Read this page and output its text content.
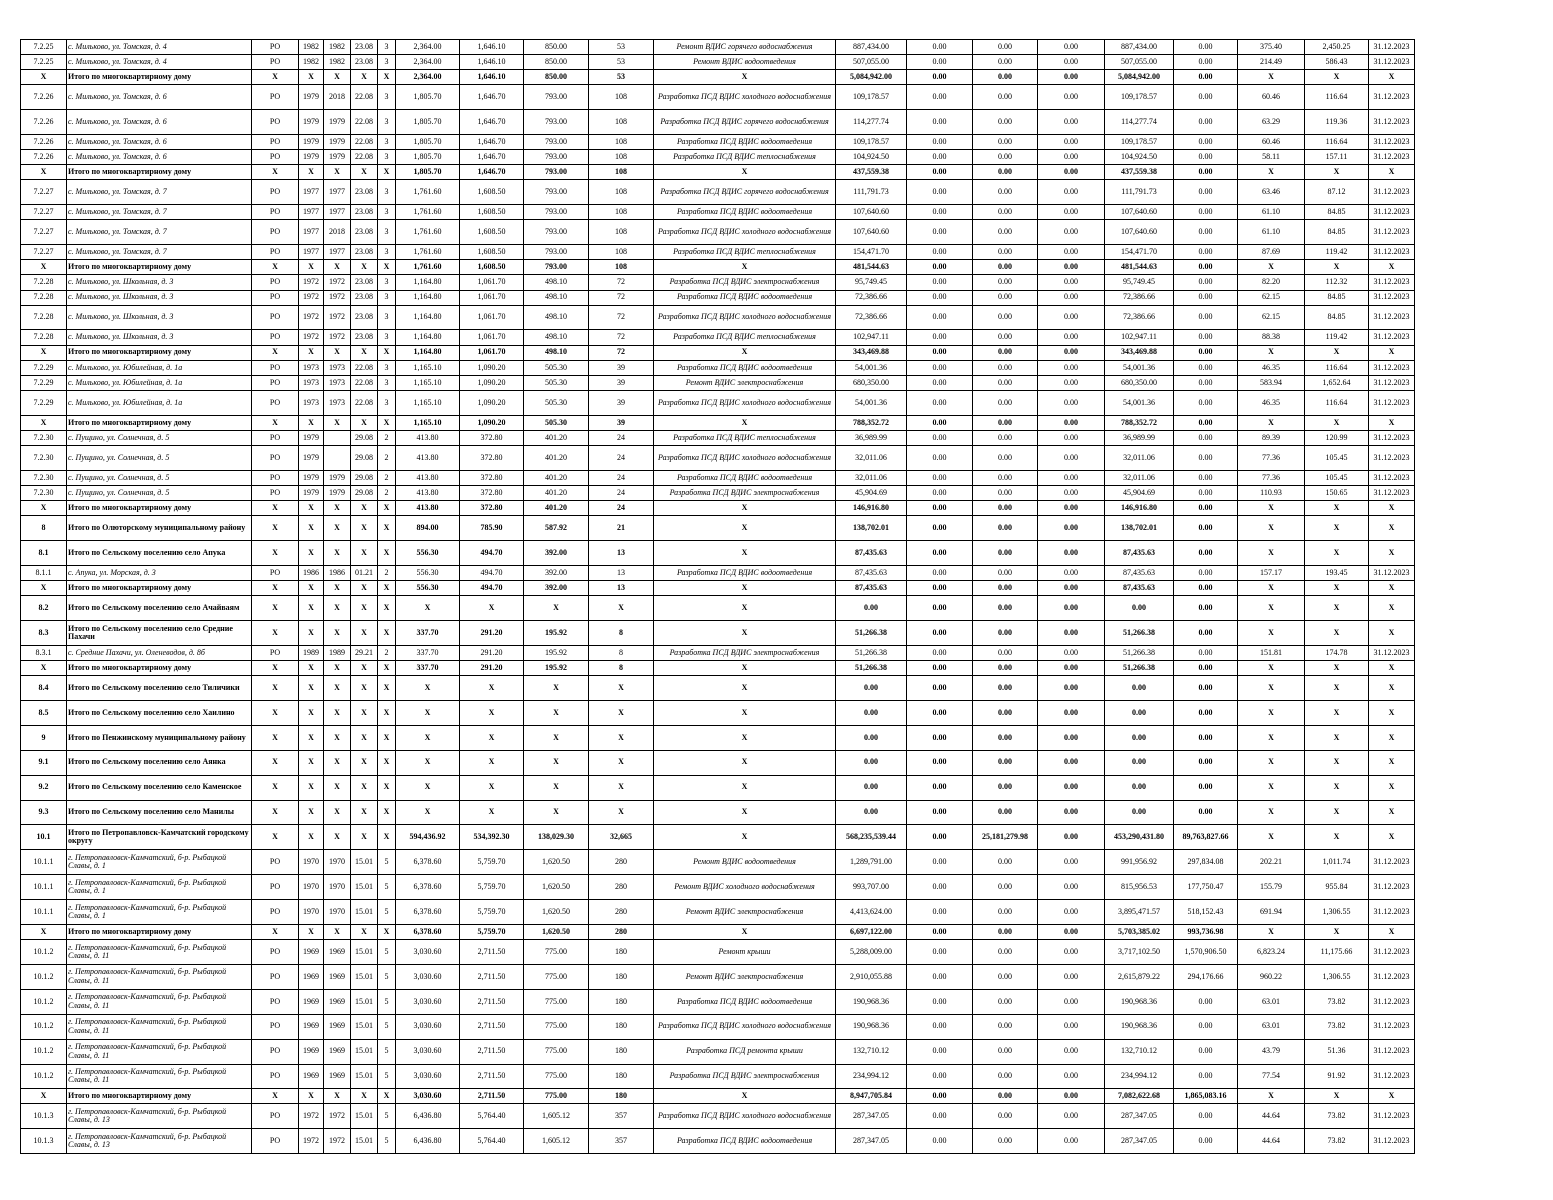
7.2.25	с. Мильково, ул. Томская, д. 4	РО	1982	1982	23.08	3	2,364.00	1,646.10	850.00	53	Ремонт ВДИС горячего водоснабжения	887,434.00	0.00	0.00	0.00	887,434.00	0.00	375.40	2,450.25	31.12.2023
7.2.25	с. Мильково, ул. Томская, д. 4	РО	1982	1982	23.08	3	2,364.00	1,646.10	850.00	53	Ремонт ВДИС водоотведения	507,055.00	0.00	0.00	0.00	507,055.00	0.00	214.49	586.43	31.12.2023
X	Итого по многоквартирному дому	X	X	X	X	X	2,364.00	1,646.10	850.00	53	X	5,084,942.00	0.00	0.00	0.00	5,084,942.00	0.00	X	X	X
7.2.26	с. Мильково, ул. Томская, д. 6	РО	1979	2018	22.08	3	1,805.70	1,646.70	793.00	108	Разработка ПСД ВДИС холодного водоснабжения	109,178.57	0.00	0.00	0.00	109,178.57	0.00	60.46	116.64	31.12.2023
7.2.26	с. Мильково, ул. Томская, д. 6	РО	1979	1979	22.08	3	1,805.70	1,646.70	793.00	108	Разработка ПСД ВДИС горячего водоснабжения	114,277.74	0.00	0.00	0.00	114,277.74	0.00	63.29	119.36	31.12.2023
7.2.26	с. Мильково, ул. Томская, д. 6	РО	1979	1979	22.08	3	1,805.70	1,646.70	793.00	108	Разработка ПСД ВДИС водоотведения	109,178.57	0.00	0.00	0.00	109,178.57	0.00	60.46	116.64	31.12.2023
7.2.26	с. Мильково, ул. Томская, д. 6	РО	1979	1979	22.08	3	1,805.70	1,646.70	793.00	108	Разработка ПСД ВДИС теплоснабжения	104,924.50	0.00	0.00	0.00	104,924.50	0.00	58.11	157.11	31.12.2023
X	Итого по многоквартирному дому	X	X	X	X	X	1,805.70	1,646.70	793.00	108	X	437,559.38	0.00	0.00	0.00	437,559.38	0.00	X	X	X
7.2.27	с. Мильково, ул. Томская, д. 7	РО	1977	1977	23.08	3	1,761.60	1,608.50	793.00	108	Разработка ПСД ВДИС горячего водоснабжения	111,791.73	0.00	0.00	0.00	111,791.73	0.00	63.46	87.12	31.12.2023
7.2.27	с. Мильково, ул. Томская, д. 7	РО	1977	1977	23.08	3	1,761.60	1,608.50	793.00	108	Разработка ПСД ВДИС водоотведения	107,640.60	0.00	0.00	0.00	107,640.60	0.00	61.10	84.85	31.12.2023
7.2.27	с. Мильково, ул. Томская, д. 7	РО	1977	2018	23.08	3	1,761.60	1,608.50	793.00	108	Разработка ПСД ВДИС холодного водоснабжения	107,640.60	0.00	0.00	0.00	107,640.60	0.00	61.10	84.85	31.12.2023
7.2.27	с. Мильково, ул. Томская, д. 7	РО	1977	1977	23.08	3	1,761.60	1,608.50	793.00	108	Разработка ПСД ВДИС теплоснабжения	154,471.70	0.00	0.00	0.00	154,471.70	0.00	87.69	119.42	31.12.2023
X	Итого по многоквартирному дому	X	X	X	X	X	1,761.60	1,608.50	793.00	108	X	481,544.63	0.00	0.00	0.00	481,544.63	0.00	X	X	X
7.2.28	с. Мильково, ул. Школьная, д. 3	РО	1972	1972	23.08	3	1,164.80	1,061.70	498.10	72	Разработка ПСД ВДИС электроснабжения	95,749.45	0.00	0.00	0.00	95,749.45	0.00	82.20	112.32	31.12.2023
7.2.28	с. Мильково, ул. Школьная, д. 3	РО	1972	1972	23.08	3	1,164.80	1,061.70	498.10	72	Разработка ПСД ВДИС водоотведения	72,386.66	0.00	0.00	0.00	72,386.66	0.00	62.15	84.85	31.12.2023
7.2.28	с. Мильково, ул. Школьная, д. 3	РО	1972	1972	23.08	3	1,164.80	1,061.70	498.10	72	Разработка ПСД ВДИС холодного водоснабжения	72,386.66	0.00	0.00	0.00	72,386.66	0.00	62.15	84.85	31.12.2023
7.2.28	с. Мильково, ул. Школьная, д. 3	РО	1972	1972	23.08	3	1,164.80	1,061.70	498.10	72	Разработка ПСД ВДИС теплоснабжения	102,947.11	0.00	0.00	0.00	102,947.11	0.00	88.38	119.42	31.12.2023
X	Итого по многоквартирному дому	X	X	X	X	X	1,164.80	1,061.70	498.10	72	X	343,469.88	0.00	0.00	0.00	343,469.88	0.00	X	X	X
7.2.29	с. Мильково, ул. Юбилейная, д. 1а	РО	1973	1973	22.08	3	1,165.10	1,090.20	505.30	39	Разработка ПСД ВДИС водоотведения	54,001.36	0.00	0.00	0.00	54,001.36	0.00	46.35	116.64	31.12.2023
7.2.29	с. Мильково, ул. Юбилейная, д. 1а	РО	1973	1973	22.08	3	1,165.10	1,090.20	505.30	39	Ремонт ВДИС электроснабжения	680,350.00	0.00	0.00	0.00	680,350.00	0.00	583.94	1,652.64	31.12.2023
7.2.29	с. Мильково, ул. Юбилейная, д. 1а	РО	1973	1973	22.08	3	1,165.10	1,090.20	505.30	39	Разработка ПСД ВДИС холодного водоснабжения	54,001.36	0.00	0.00	0.00	54,001.36	0.00	46.35	116.64	31.12.2023
X	Итого по многоквартирному дому	X	X	X	X	X	1,165.10	1,090.20	505.30	39	X	788,352.72	0.00	0.00	0.00	788,352.72	0.00	X	X	X
7.2.30	с. Пущино, ул. Солнечная, д. 5	РО	1979		29.08	2	413.80	372.80	401.20	24	Разработка ПСД ВДИС теплоснабжения	36,989.99	0.00	0.00	0.00	36,989.99	0.00	89.39	120.99	31.12.2023
7.2.30	с. Пущино, ул. Солнечная, д. 5	РО	1979		29.08	2	413.80	372.80	401.20	24	Разработка ПСД ВДИС холодного водоснабжения	32,011.06	0.00	0.00	0.00	32,011.06	0.00	77.36	105.45	31.12.2023
7.2.30	с. Пущино, ул. Солнечная, д. 5	РО	1979	1979	29.08	2	413.80	372.80	401.20	24	Разработка ПСД ВДИС водоотведения	32,011.06	0.00	0.00	0.00	32,011.06	0.00	77.36	105.45	31.12.2023
7.2.30	с. Пущино, ул. Солнечная, д. 5	РО	1979	1979	29.08	2	413.80	372.80	401.20	24	Разработка ПСД ВДИС электроснабжения	45,904.69	0.00	0.00	0.00	45,904.69	0.00	110.93	150.65	31.12.2023
X	Итого по многоквартирному дому	X	X	X	X	X	413.80	372.80	401.20	24	X	146,916.80	0.00	0.00	0.00	146,916.80	0.00	X	X	X
8	Итого по Олюторскому муниципальному району	X	X	X	X	X	894.00	785.90	587.92	21	X	138,702.01	0.00	0.00	0.00	138,702.01	0.00	X	X	X
8.1	Итого по Сельскому поселению село Апука	X	X	X	X	X	556.30	494.70	392.00	13	X	87,435.63	0.00	0.00	0.00	87,435.63	0.00	X	X	X
8.1.1	с. Апука, ул. Морская, д. 3	РО	1986	1986	01.21	2	556.30	494.70	392.00	13	Разработка ПСД ВДИС водоотведения	87,435.63	0.00	0.00	0.00	87,435.63	0.00	157.17	193.45	31.12.2023
X	Итого по многоквартирному дому	X	X	X	X	X	556.30	494.70	392.00	13	X	87,435.63	0.00	0.00	0.00	87,435.63	0.00	X	X	X
8.2	Итого по Сельскому поселению село Ачайваям	X	X	X	X	X	X	X	X	X	X	0.00	0.00	0.00	0.00	0.00	0.00	X	X	X
8.3	Итого по Сельскому поселению село Средние Пахачи	X	X	X	X	X	337.70	291.20	195.92	8	X	51,266.38	0.00	0.00	0.00	51,266.38	0.00	X	X	X
8.3.1	с. Средние Пахачи, ул. Оленеводов, д. 8б	РО	1989	1989	29.21	2	337.70	291.20	195.92	8	Разработка ПСД ВДИС электроснабжения	51,266.38	0.00	0.00	0.00	51,266.38	0.00	151.81	174.78	31.12.2023
X	Итого по многоквартирному дому	X	X	X	X	X	337.70	291.20	195.92	8	X	51,266.38	0.00	0.00	0.00	51,266.38	0.00	X	X	X
8.4	Итого по Сельскому поселению село Тиличики	X	X	X	X	X	X	X	X	X	X	0.00	0.00	0.00	0.00	0.00	0.00	X	X	X
8.5	Итого по Сельскому поселению село Хаилино	X	X	X	X	X	X	X	X	X	X	0.00	0.00	0.00	0.00	0.00	0.00	X	X	X
9	Итого по Пенжинскому муниципальному району	X	X	X	X	X	X	X	X	X	X	0.00	0.00	0.00	0.00	0.00	0.00	X	X	X
9.1	Итого по Сельскому поселению село Аянка	X	X	X	X	X	X	X	X	X	X	0.00	0.00	0.00	0.00	0.00	0.00	X	X	X
9.2	Итого по Сельскому поселению село Каменское	X	X	X	X	X	X	X	X	X	X	0.00	0.00	0.00	0.00	0.00	0.00	X	X	X
9.3	Итого по Сельскому поселению село Манилы	X	X	X	X	X	X	X	X	X	X	0.00	0.00	0.00	0.00	0.00	0.00	X	X	X
10.1	Итого по Петропавловск-Камчатский городскому округу	X	X	X	X	X	594,436.92	534,392.30	138,029.30	32,665	X	568,235,539.44	0.00	25,181,279.98	0.00	453,290,431.80	89,763,827.66	X	X	X
10.1.1	г. Петропавловск-Камчатский, б-р. Рыбацкой Славы, д. 1	РО	1970	1970	15.01	5	6,378.60	5,759.70	1,620.50	280	Ремонт ВДИС водоотведения	1,289,791.00	0.00	0.00	0.00	991,956.92	297,834.08	202.21	1,011.74	31.12.2023
10.1.1	г. Петропавловск-Камчатский, б-р. Рыбацкой Славы, д. 1	РО	1970	1970	15.01	5	6,378.60	5,759.70	1,620.50	280	Ремонт ВДИС холодного водоснабжения	993,707.00	0.00	0.00	0.00	815,956.53	177,750.47	155.79	955.84	31.12.2023
10.1.1	г. Петропавловск-Камчатский, б-р. Рыбацкой Славы, д. 1	РО	1970	1970	15.01	5	6,378.60	5,759.70	1,620.50	280	Ремонт ВДИС электроснабжения	4,413,624.00	0.00	0.00	0.00	3,895,471.57	518,152.43	691.94	1,306.55	31.12.2023
X	Итого по многоквартирному дому	X	X	X	X	X	6,378.60	5,759.70	1,620.50	280	X	6,697,122.00	0.00	0.00	0.00	5,703,385.02	993,736.98	X	X	X
10.1.2	г. Петропавловск-Камчатский, б-р. Рыбацкой Славы, д. 11	РО	1969	1969	15.01	5	3,030.60	2,711.50	775.00	180	Ремонт крыши	5,288,009.00	0.00	0.00	0.00	3,717,102.50	1,570,906.50	6,823.24	11,175.66	31.12.2023
10.1.2	г. Петропавловск-Камчатский, б-р. Рыбацкой Славы, д. 11	РО	1969	1969	15.01	5	3,030.60	2,711.50	775.00	180	Ремонт ВДИС электроснабжения	2,910,055.88	0.00	0.00	0.00	2,615,879.22	294,176.66	960.22	1,306.55	31.12.2023
10.1.2	г. Петропавловск-Камчатский, б-р. Рыбацкой Славы, д. 11	РО	1969	1969	15.01	5	3,030.60	2,711.50	775.00	180	Разработка ПСД ВДИС водоотведения	190,968.36	0.00	0.00	0.00	190,968.36	0.00	63.01	73.82	31.12.2023
10.1.2	г. Петропавловск-Камчатский, б-р. Рыбацкой Славы, д. 11	РО	1969	1969	15.01	5	3,030.60	2,711.50	775.00	180	Разработка ПСД ВДИС холодного водоснабжения	190,968.36	0.00	0.00	0.00	190,968.36	0.00	63.01	73.82	31.12.2023
10.1.2	г. Петропавловск-Камчатский, б-р. Рыбацкой Славы, д. 11	РО	1969	1969	15.01	5	3,030.60	2,711.50	775.00	180	Разработка ПСД ремонта крыши	132,710.12	0.00	0.00	0.00	132,710.12	0.00	43.79	51.36	31.12.2023
10.1.2	г. Петропавловск-Камчатский, б-р. Рыбацкой Славы, д. 11	РО	1969	1969	15.01	5	3,030.60	2,711.50	775.00	180	Разработка ПСД ВДИС электроснабжения	234,994.12	0.00	0.00	0.00	234,994.12	0.00	77.54	91.92	31.12.2023
X	Итого по многоквартирному дому	X	X	X	X	X	3,030.60	2,711.50	775.00	180	X	8,947,705.84	0.00	0.00	0.00	7,082,622.68	1,865,083.16	X	X	X
10.1.3	г. Петропавловск-Камчатский, б-р. Рыбацкой Славы, д. 13	РО	1972	1972	15.01	5	6,436.80	5,764.40	1,605.12	357	Разработка ПСД ВДИС холодного водоснабжения	287,347.05	0.00	0.00	0.00	287,347.05	0.00	44.64	73.82	31.12.2023
10.1.3	г. Петропавловск-Камчатский, б-р. Рыбацкой Славы, д. 13	РО	1972	1972	15.01	5	6,436.80	5,764.40	1,605.12	357	Разработка ПСД ВДИС водоотведения	287,347.05	0.00	0.00	0.00	287,347.05	0.00	44.64	73.82	31.12.2023
